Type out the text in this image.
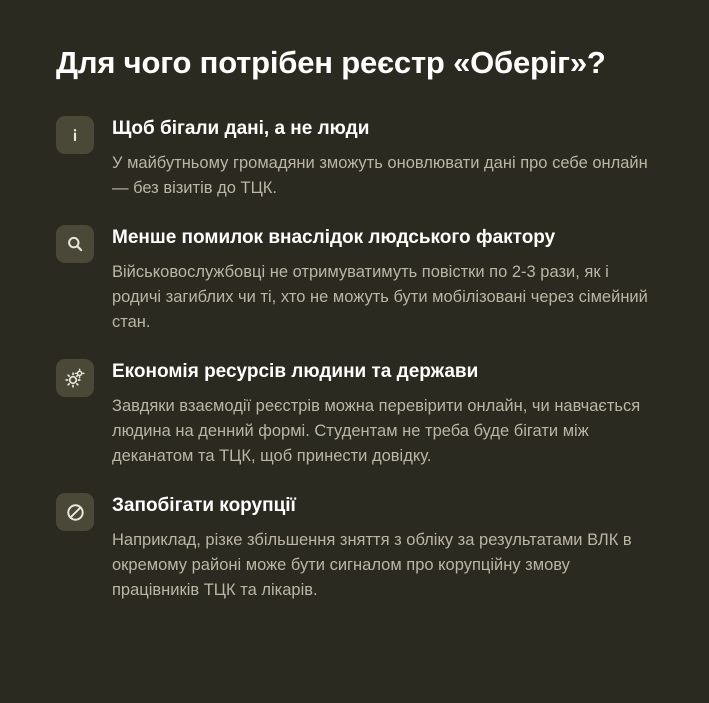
Для чого потрібен реєстр «Оберіг»?

Щоб бігали дані, а не люди

У майбутньому громадяни зможуть оновлювати дані про себе онлайн — без візитів до ТЦК.

Менше помилок внаслідок людського фактору

Військовослужбовці не отримуватимуть повістки по 2-3 рази, як і родичі загиблих чи ті, хто не можуть бути мобілізовані через сімейний стан.

Економія ресурсів людини та держави

Завдяки взаємодії реєстрів можна перевірити онлайн, чи навчається людина на денний формі. Студентам не треба буде бігати між деканатом та ТЦК, щоб принести довідку.

Запобігати корупції

Наприклад, різке збільшення зняття з обліку за результатами ВЛК в окремому районі може бути сигналом про корупційну змову працівників ТЦК та лікарів.
